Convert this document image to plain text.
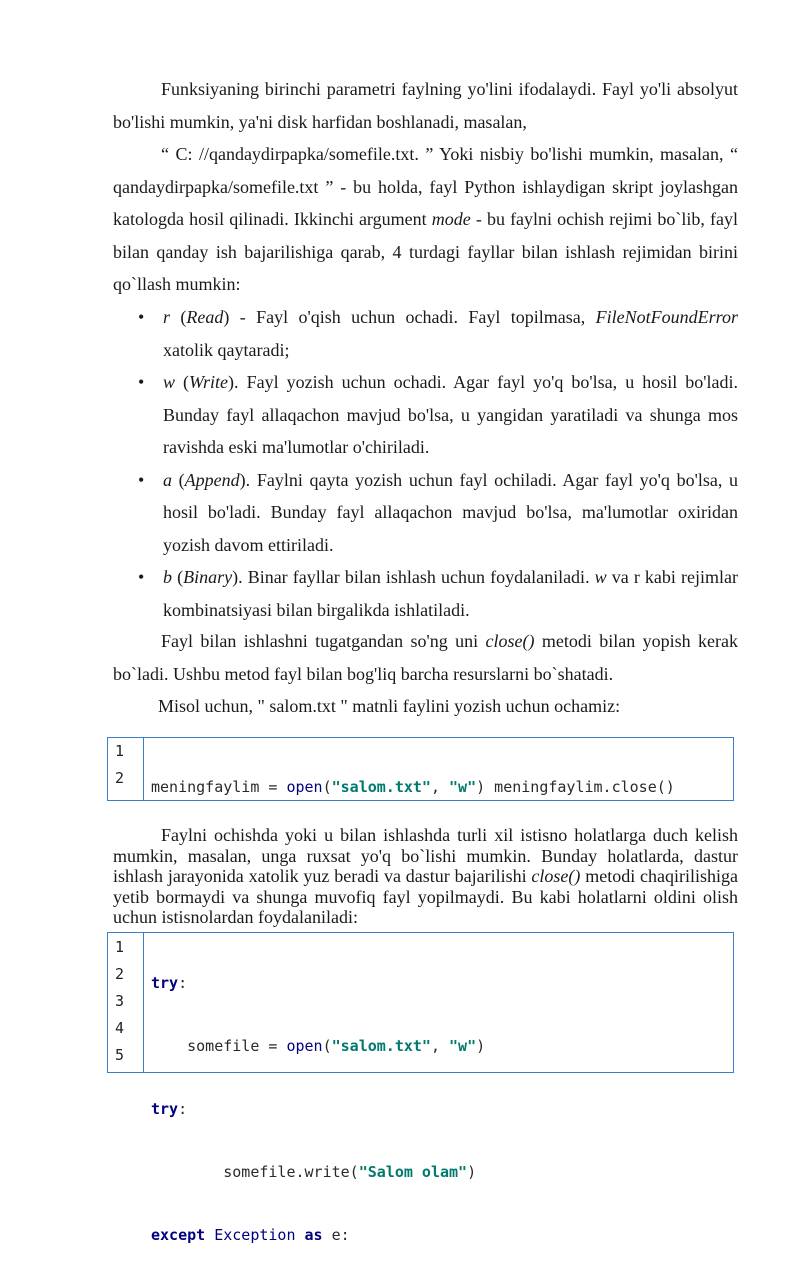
Funksiyaning birinchi parametri faylning yo'lini ifodalaydi. Fayl yo'li absolyut bo'lishi mumkin, ya'ni disk harfidan boshlanadi, masalan,

“ C: //qandaydirpapka/somefile.txt. ” Yoki nisbiy bo'lishi mumkin, masalan, “ qandaydirpapka/somefile.txt ” - bu holda, fayl Python ishlaydigan skript joylashgan katologda hosil qilinadi. Ikkinchi argument mode - bu faylni ochish rejimi bo`lib, fayl bilan qanday ish bajarilishiga qarab, 4 turdagi fayllar bilan ishlash rejimidan birini qo`llash mumkin:

• r (Read) - Fayl o'qish uchun ochadi. Fayl topilmasa, FileNotFoundError xatolik qaytaradi;
• w (Write). Fayl yozish uchun ochadi. Agar fayl yo'q bo'lsa, u hosil bo'ladi. Bunday fayl allaqachon mavjud bo'lsa, u yangidan yaratiladi va shunga mos ravishda eski ma'lumotlar o'chiriladi.
• a (Append). Faylni qayta yozish uchun fayl ochiladi. Agar fayl yo'q bo'lsa, u hosil bo'ladi. Bunday fayl allaqachon mavjud bo'lsa, ma'lumotlar oxiridan yozish davom ettiriladi.
• b (Binary). Binar fayllar bilan ishlash uchun foydalaniladi. w va r kabi rejimlar kombinatsiyasi bilan birgalikda ishlatiladi.

Fayl bilan ishlashni tugatgandan so'ng uni close() metodi bilan yopish kerak bo`ladi. Ushbu metod fayl bilan bog'liq barcha resurslarni bo`shatadi.

Misol uchun, " salom.txt " matnli faylini yozish uchun ochamiz:

1
2

	meningfaylim = open("salom.txt", "w") meningfaylim.close()

Faylni ochishda yoki u bilan ishlashda turli xil istisno holatlarga duch kelish mumkin, masalan, unga ruxsat yo'q bo`lishi mumkin. Bunday holatlarda, dastur ishlash jarayonida xatolik yuz beradi va dastur bajarilishi close() metodi chaqirilishiga yetib bormaydi va shunga muvofiq fayl yopilmaydi. Bu kabi holatlarni oldini olish uchun istisnolardan foydalaniladi:

1
2
3
4
5

try:

somefile = open("salom.txt", "w")

try:

somefile.write("Salom olam")

except Exception as e:
